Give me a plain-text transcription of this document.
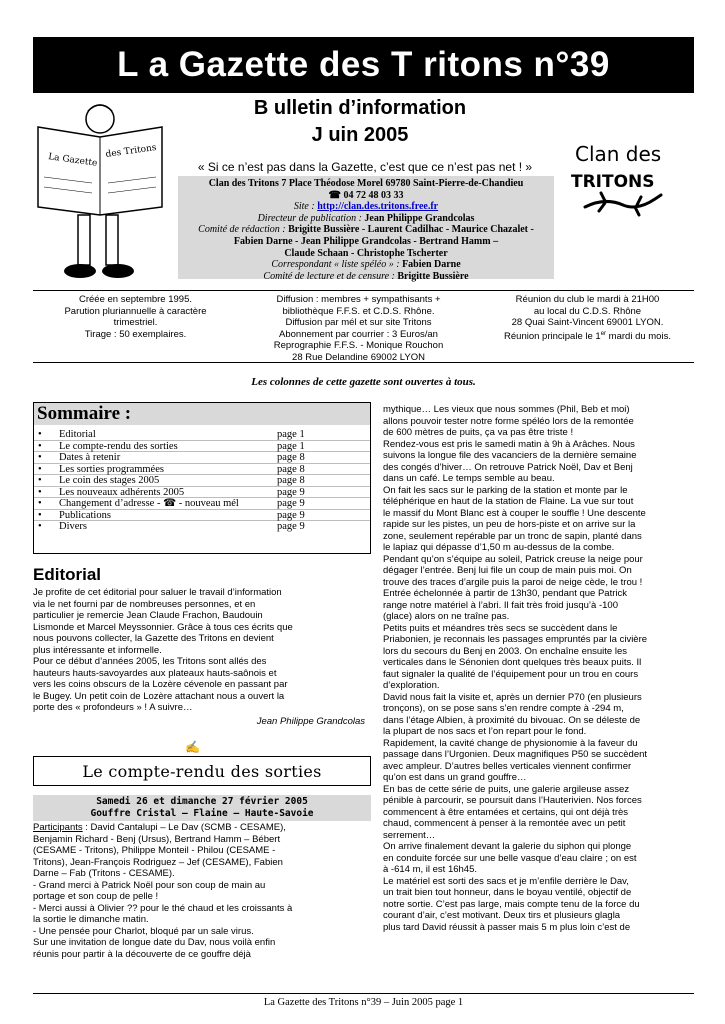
L a Gazette des T ritons n°39
La Gazette
des Tritons
B ulletin d’information
J uin 2005
« Si ce n’est pas dans la Gazette, c’est que ce n’est pas net ! »
Clan des
TRITONS
Clan des Tritons 7 Place Théodose Morel 69780 Saint-Pierre-de-Chandieu
☎ 04 72 48 03 33
Site : http://clan.des.tritons.free.fr
Directeur de publication : Jean Philippe Grandcolas
Comité de rédaction : Brigitte Bussière - Laurent Cadilhac - Maurice Chazalet -
Fabien Darne - Jean Philippe Grandcolas - Bertrand Hamm –
Claude Schaan - Christophe Tscherter
Correspondant « liste spéléo » : Fabien Darne
Comité de lecture et de censure : Brigitte Bussière
Créée en septembre 1995.
Parution pluriannuelle à caractère
trimestriel.
Tirage : 50 exemplaires.
Diffusion : membres + sympathisants +
bibliothèque F.F.S. et C.D.S. Rhône.
Diffusion par mél et sur site Tritons
Abonnement par courrier : 3 Euros/an
Reprographie F.F.S. - Monique Rouchon
28 Rue Delandine 69002 LYON
Réunion du club le mardi à 21H00
au local du C.D.S. Rhône
28 Quai Saint-Vincent 69001 LYON.
Réunion principale le 1er mardi du mois.
Les colonnes de cette gazette sont ouvertes à tous.
Sommaire :
• Editorial	page 1
• Le compte-rendu des sorties	page 1
• Dates à retenir	page 8
• Les sorties programmées	page 8
• Le coin des stages 2005	page 8
• Les nouveaux adhérents 2005	page 9
• Changement d’adresse - ☎ - nouveau mél	page 9
• Publications	page 9
• Divers	page 9
Editorial
Je profite de cet éditorial pour saluer le travail d’information
via le net fourni par de nombreuses personnes, et en
particulier je remercie Jean Claude Frachon, Baudouin
Lismonde et Marcel Meyssonnier. Grâce à tous ces écrits que
nous pouvons collecter, la Gazette des Tritons en devient
plus intéressante et informelle.
Pour ce début d’années 2005, les Tritons sont allés des
hauteurs hauts-savoyardes aux plateaux hauts-saônois et
vers les coins obscurs de la Lozère cévenole en passant par
le Bugey. Un petit coin de Lozère attachant nous a ouvert la
porte des « profondeurs » ! A suivre…
Jean Philippe Grandcolas
✍
Le compte-rendu des sorties
Samedi 26 et dimanche 27 février 2005
Gouffre Cristal – Flaine – Haute-Savoie
Participants : David Cantalupi – Le Dav (SCMB - CESAME),
Benjamin Richard - Benj (Ursus), Bertrand Hamm – Bébert
(CESAME - Tritons), Philippe Monteil - Philou (CESAME -
Tritons), Jean-François Rodriguez – Jef (CESAME), Fabien
Darne – Fab (Tritons - CESAME).
- Grand merci à Patrick Noël pour son coup de main au
portage et son coup de pelle !
- Merci aussi à Olivier ?? pour le thé chaud et les croissants à
la sortie le dimanche matin.
- Une pensée pour Charlot, bloqué par un sale virus.
Sur une invitation de longue date du Dav, nous voilà enfin
réunis pour partir à la découverte de ce gouffre déjà
mythique… Les vieux que nous sommes (Phil, Beb et moi)
allons pouvoir tester notre forme spéléo lors de la remontée
de 600 mètres de puits, ça va pas être triste !
Rendez-vous est pris le samedi matin à 9h à Arâches. Nous
suivons la longue file des vacanciers de la dernière semaine
des congés d’hiver… On retrouve Patrick Noël, Dav et Benj
dans un café. Le temps semble au beau.
On fait les sacs sur le parking de la station et monte par le
téléphérique en haut de la station de Flaine. La vue sur tout
le massif du Mont Blanc est à couper le souffle ! Une descente
rapide sur les pistes, un peu de hors-piste et on arrive sur la
zone, seulement repérable par un tronc de sapin, planté dans
le lapiaz qui dépasse d’1,50 m au-dessus de la combe.
Pendant qu’on s’équipe au soleil, Patrick creuse la neige pour
dégager l’entrée. Benj lui file un coup de main puis moi. On
trouve des traces d’argile puis la paroi de neige cède, le trou !
Entrée échelonnée à partir de 13h30, pendant que Patrick
range notre matériel à l’abri. Il fait très froid jusqu’à -100
(glace) alors on ne traîne pas.
Petits puits et méandres très secs se succèdent dans le
Priabonien, je reconnais les passages empruntés par la civière
lors du secours du Benj en 2003. On enchaîne ensuite les
verticales dans le Sénonien dont quelques très beaux puits. Il
faut signaler la qualité de l’équipement pour un trou en cours
d’exploration.
David nous fait la visite et, après un dernier P70 (en plusieurs
tronçons), on se pose sans s’en rendre compte à -294 m,
dans l’étage Albien, à proximité du bivouac. On se déleste de
la plupart de nos sacs et l’on repart pour le fond.
Rapidement, la cavité change de physionomie à la faveur du
passage dans l’Urgonien. Deux magnifiques P50 se succèdent
avec ampleur. D’autres belles verticales viennent confirmer
qu’on est dans un grand gouffre…
En bas de cette série de puits, une galerie argileuse assez
pénible à parcourir, se poursuit dans l’Hauterivien. Nos forces
commencent à être entamées et certains, qui ont déjà très
chaud, commencent à penser à la remontée avec un petit
serrement…
On arrive finalement devant la galerie du siphon qui plonge
en conduite forcée sur une belle vasque d’eau claire ; on est
à -614 m, il est 16h45.
Le matériel est sorti des sacs et je m’enfile derrière le Dav,
un trait bien tout honneur, dans le boyau ventilé, objectif de
notre sortie. C’est pas large, mais compte tenu de la force du
courant d’air, c’est motivant. Deux tirs et plusieurs glagla
plus tard David réussit à passer mais 5 m plus loin c’est de
La Gazette des Tritons n°39 – Juin 2005 page 1
